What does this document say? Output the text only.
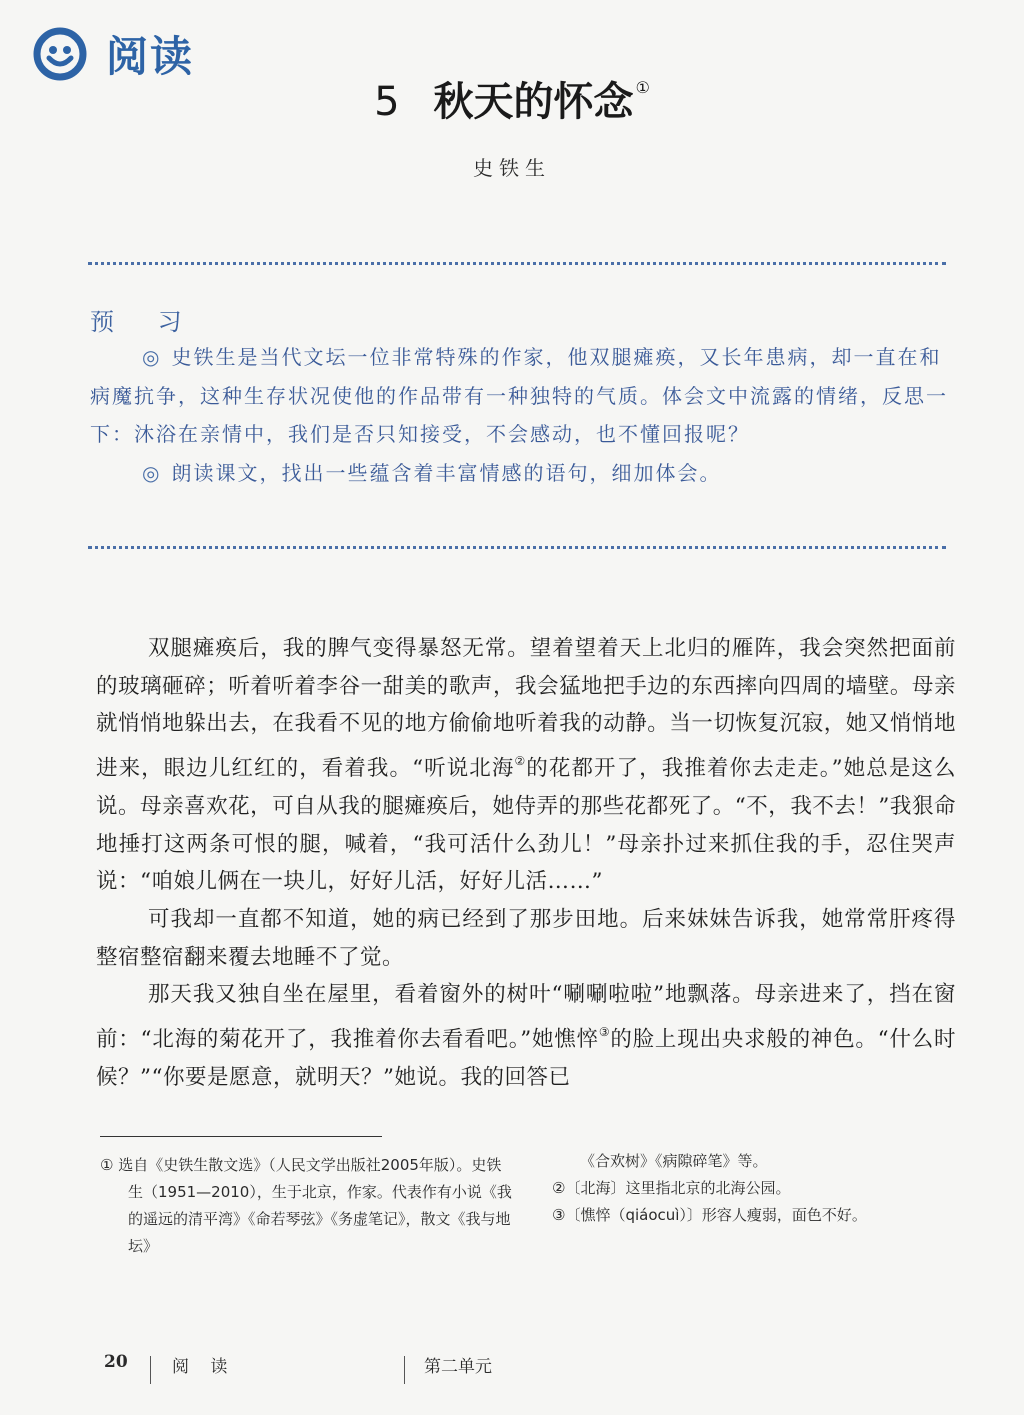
阅读
5 秋天的怀念 ①
史铁生
预 习

◎ 史铁生是当代文坛一位非常特殊的作家，他双腿瘫痪，又长年患病，却一直在和病魔抗争，这种生存状况使他的作品带有一种独特的气质。体会文中流露的情绪，反思一下：沐浴在亲情中，我们是否只知接受，不会感动，也不懂回报呢？

◎ 朗读课文，找出一些蕴含着丰富情感的语句，细加体会。

双腿瘫痪后，我的脾气变得暴怒无常。望着望着天上北归的雁阵，我会突然把面前的玻璃砸碎；听着听着李谷一甜美的歌声，我会猛地把手边的东西摔向四周的墙壁。母亲就悄悄地躲出去，在我看不见的地方偷偷地听着我的动静。当一切恢复沉寂，她又悄悄地进来，眼边儿红红的，看着我。“听说北海②的花都开了，我推着你去走走。”她总是这么说。母亲喜欢花，可自从我的腿瘫痪后，她侍弄的那些花都死了。“不，我不去！”我狠命地捶打这两条可恨的腿，喊着，“我可活什么劲儿！”母亲扑过来抓住我的手，忍住哭声说：“咱娘儿俩在一块儿，好好儿活，好好儿活……”

可我却一直都不知道，她的病已经到了那步田地。后来妹妹告诉我，她常常肝疼得整宿整宿翻来覆去地睡不了觉。

那天我又独自坐在屋里，看着窗外的树叶“唰唰啦啦”地飘落。母亲进来了，挡在窗前：“北海的菊花开了，我推着你去看看吧。”她憔悴③的脸上现出央求般的神色。“什么时候？”“你要是愿意，就明天？”她说。我的回答已

① 选自《史铁生散文选》（人民文学出版社2005年版）。史铁生（1951—2010），生于北京，作家。代表作有小说《我的遥远的清平湾》《命若琴弦》《务虚笔记》，散文《我与地坛》

《合欢树》《病隙碎笔》等。

②〔北海〕这里指北京的北海公园。

③〔憔悴（qiáocuì）〕形容人瘦弱，面色不好。

20	阅 读	第二单元
